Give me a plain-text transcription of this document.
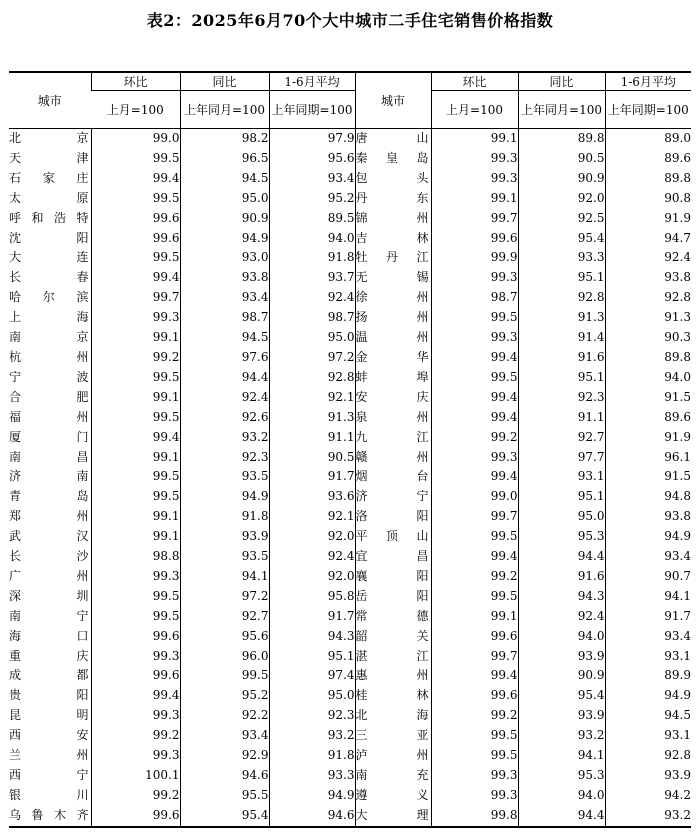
表2：2025年6月70个大中城市二手住宅销售价格指数
城市	环比	同比	1-6月平均	城市	环比	同比	1-6月平均
	上月=100	上年同月=100	上年同期=100		上月=100	上年同月=100	上年同期=100
北京	99.0	98.2	97.9	唐山	99.1	89.8	89.0
天津	99.5	96.5	95.6	秦皇岛	99.3	90.5	89.6
石家庄	99.4	94.5	93.4	包头	99.3	90.9	89.8
太原	99.5	95.0	95.2	丹东	99.1	92.0	90.8
呼和浩特	99.6	90.9	89.5	锦州	99.7	92.5	91.9
沈阳	99.6	94.9	94.0	吉林	99.6	95.4	94.7
大连	99.5	93.0	91.8	牡丹江	99.9	93.3	92.4
长春	99.4	93.8	93.7	无锡	99.3	95.1	93.8
哈尔滨	99.7	93.4	92.4	徐州	98.7	92.8	92.8
上海	99.3	98.7	98.7	扬州	99.5	91.3	91.3
南京	99.1	94.5	95.0	温州	99.3	91.4	90.3
杭州	99.2	97.6	97.2	金华	99.4	91.6	89.8
宁波	99.5	94.4	92.8	蚌埠	99.5	95.1	94.0
合肥	99.1	92.4	92.1	安庆	99.4	92.3	91.5
福州	99.5	92.6	91.3	泉州	99.4	91.1	89.6
厦门	99.4	93.2	91.1	九江	99.2	92.7	91.9
南昌	99.1	92.3	90.5	赣州	99.3	97.7	96.1
济南	99.5	93.5	91.7	烟台	99.4	93.1	91.5
青岛	99.5	94.9	93.6	济宁	99.0	95.1	94.8
郑州	99.1	91.8	92.1	洛阳	99.7	95.0	93.8
武汉	99.1	93.9	92.0	平顶山	99.5	95.3	94.9
长沙	98.8	93.5	92.4	宜昌	99.4	94.4	93.4
广州	99.3	94.1	92.0	襄阳	99.2	91.6	90.7
深圳	99.5	97.2	95.8	岳阳	99.5	94.3	94.1
南宁	99.5	92.7	91.7	常德	99.1	92.4	91.7
海口	99.6	95.6	94.3	韶关	99.6	94.0	93.4
重庆	99.3	96.0	95.1	湛江	99.7	93.9	93.1
成都	99.6	99.5	97.4	惠州	99.4	90.9	89.9
贵阳	99.4	95.2	95.0	桂林	99.6	95.4	94.9
昆明	99.3	92.2	92.3	北海	99.2	93.9	94.5
西安	99.2	93.4	93.2	三亚	99.5	93.2	93.1
兰州	99.3	92.9	91.8	泸州	99.5	94.1	92.8
西宁	100.1	94.6	93.3	南充	99.3	95.3	93.9
银川	99.2	95.5	94.9	遵义	99.3	94.0	94.2
乌鲁木齐	99.6	95.4	94.6	大理	99.8	94.4	93.2
